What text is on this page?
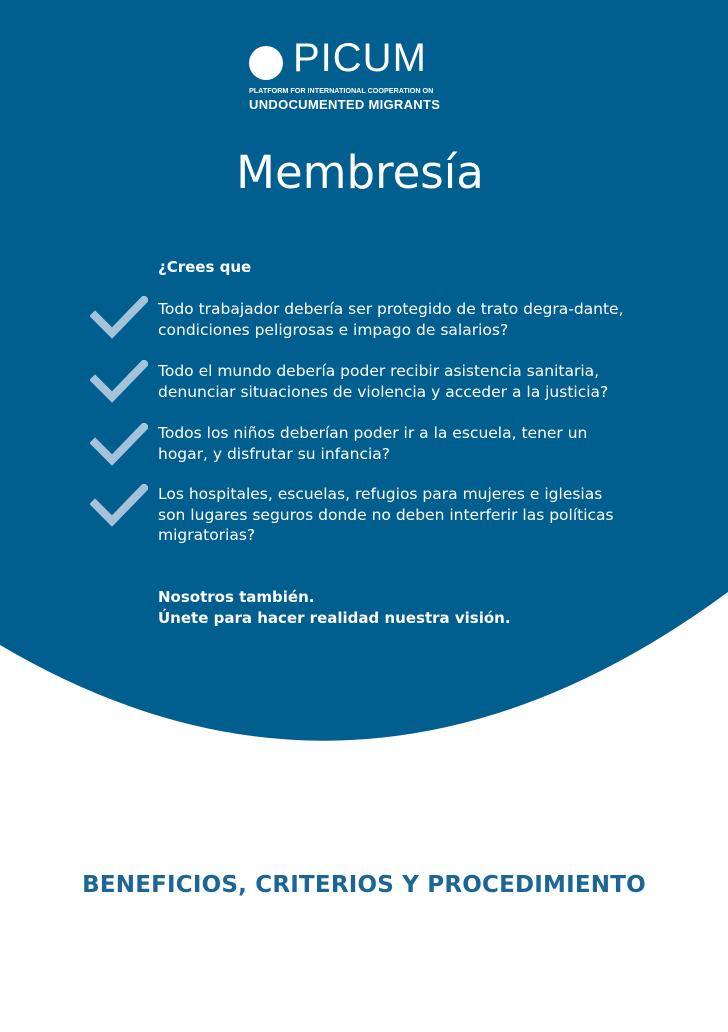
PICUM
PLATFORM FOR INTERNATIONAL COOPERATION ON
UNDOCUMENTED MIGRANTS
Membresía
¿Crees que
Todo trabajador debería ser protegido de trato degra-dante, condiciones peligrosas e impago de salarios?
Todo el mundo debería poder recibir asistencia sanitaria, denunciar situaciones de violencia y acceder a la justicia?
Todos los niños deberían poder ir a la escuela, tener un hogar, y disfrutar su infancia?
Los hospitales, escuelas, refugios para mujeres e iglesias son lugares seguros donde no deben interferir las políticas migratorias?
Nosotros también.
Únete para hacer realidad nuestra visión.
BENEFICIOS, CRITERIOS Y PROCEDIMIENTO
